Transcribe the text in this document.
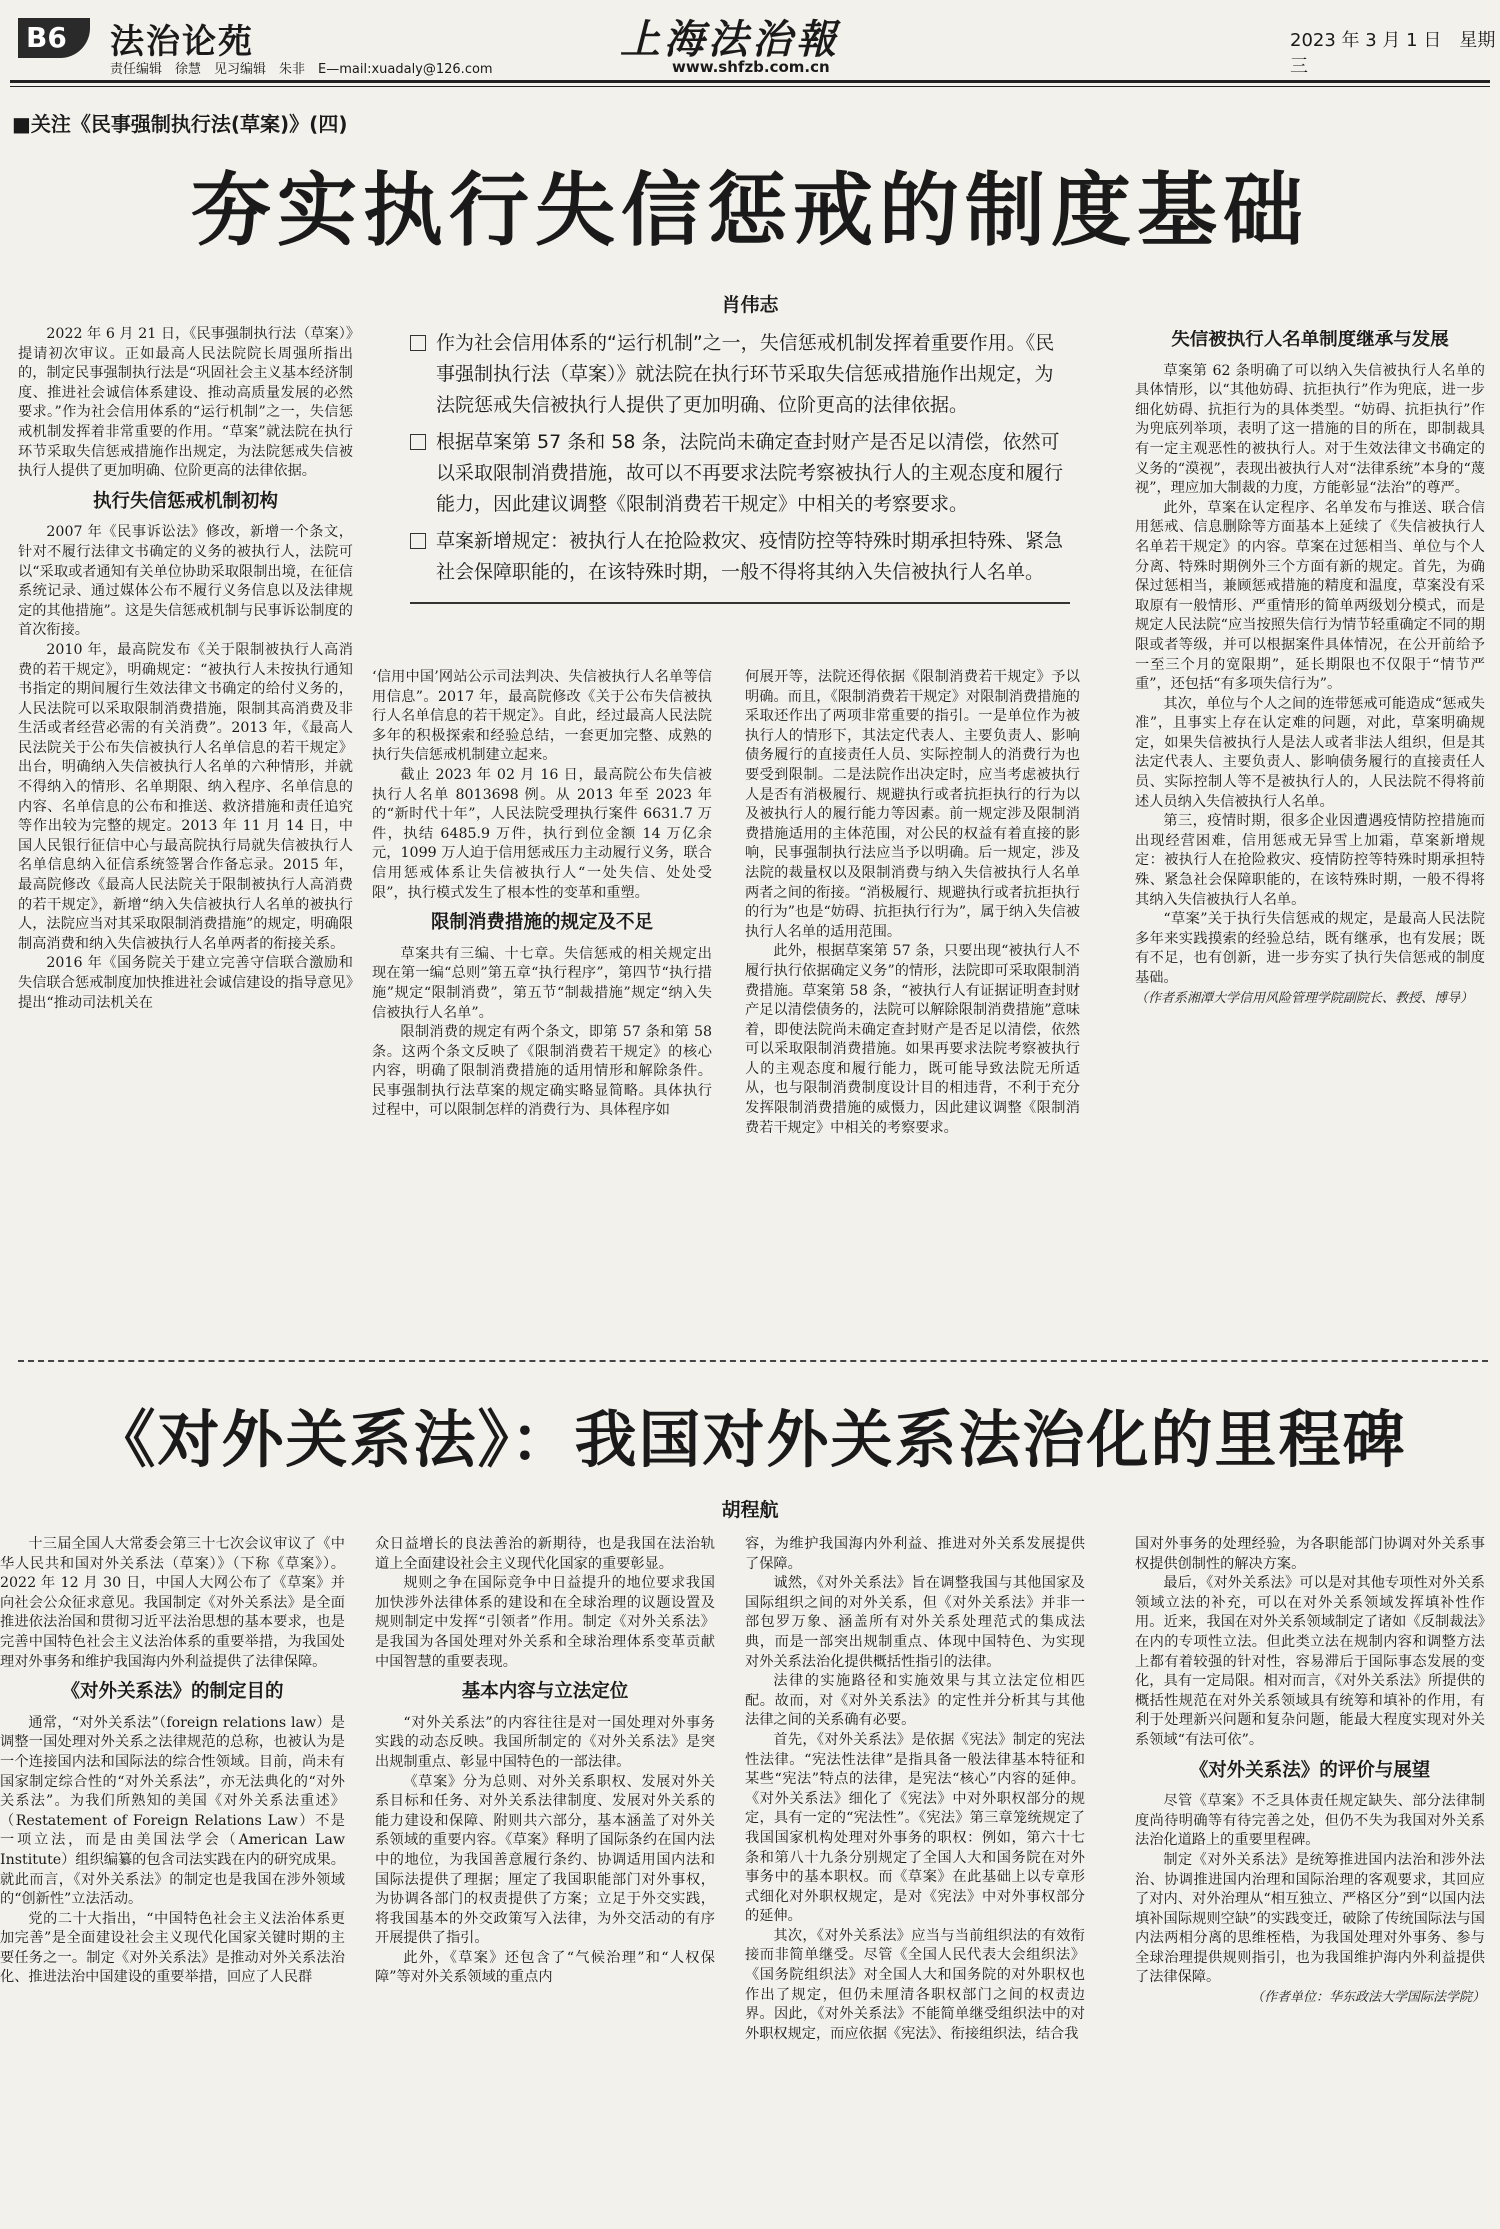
B6	法治论苑
责任编辑　徐慧　见习编辑　朱非　E—mail:xuadaly@126.com
上海法治報
www.shfzb.com.cn
2023 年 3 月 1 日　星期三
■关注《民事强制执行法(草案)》(四)
夯实执行失信惩戒的制度基础
肖伟志
作为社会信用体系的“运行机制”之一，失信惩戒机制发挥着重要作用。《民事强制执行法（草案）》就法院在执行环节采取失信惩戒措施作出规定，为法院惩戒失信被执行人提供了更加明确、位阶更高的法律依据。
根据草案第 57 条和 58 条，法院尚未确定查封财产是否足以清偿，依然可以采取限制消费措施，故可以不再要求法院考察被执行人的主观态度和履行能力，因此建议调整《限制消费若干规定》中相关的考察要求。
草案新增规定：被执行人在抢险救灾、疫情防控等特殊时期承担特殊、紧急社会保障职能的，在该特殊时期，一般不得将其纳入失信被执行人名单。

2022 年 6 月 21 日，《民事强制执行法（草案）》提请初次审议。正如最高人民法院院长周强所指出的，制定民事强制执行法是“巩固社会主义基本经济制度、推进社会诚信体系建设、推动高质量发展的必然要求。”作为社会信用体系的“运行机制”之一，失信惩戒机制发挥着非常重要的作用。“草案”就法院在执行环节采取失信惩戒措施作出规定，为法院惩戒失信被执行人提供了更加明确、位阶更高的法律依据。

执行失信惩戒机制初构

2007 年《民事诉讼法》修改，新增一个条文，针对不履行法律文书确定的义务的被执行人，法院可以“采取或者通知有关单位协助采取限制出境，在征信系统记录、通过媒体公布不履行义务信息以及法律规定的其他措施”。这是失信惩戒机制与民事诉讼制度的首次衔接。

2010 年，最高院发布《关于限制被执行人高消费的若干规定》，明确规定：“被执行人未按执行通知书指定的期间履行生效法律文书确定的给付义务的，人民法院可以采取限制消费措施，限制其高消费及非生活或者经营必需的有关消费”。2013 年，《最高人民法院关于公布失信被执行人名单信息的若干规定》出台，明确纳入失信被执行人名单的六种情形，并就不得纳入的情形、名单期限、纳入程序、名单信息的内容、名单信息的公布和推送、救济措施和责任追究等作出较为完整的规定。2013 年 11 月 14 日，中国人民银行征信中心与最高院执行局就失信被执行人名单信息纳入征信系统签署合作备忘录。2015 年，最高院修改《最高人民法院关于限制被执行人高消费的若干规定》，新增“纳入失信被执行人名单的被执行人，法院应当对其采取限制消费措施”的规定，明确限制高消费和纳入失信被执行人名单两者的衔接关系。

2016 年《国务院关于建立完善守信联合激励和失信联合惩戒制度加快推进社会诚信建设的指导意见》提出“推动司法机关在

‘信用中国’网站公示司法判决、失信被执行人名单等信用信息”。2017 年，最高院修改《关于公布失信被执行人名单信息的若干规定》。自此，经过最高人民法院多年的积极探索和经验总结，一套更加完整、成熟的执行失信惩戒机制建立起来。

截止 2023 年 02 月 16 日，最高院公布失信被执行人名单 8013698 例。从 2013 年至 2023 年的“新时代十年”，人民法院受理执行案件 6631.7 万件，执结 6485.9 万件，执行到位金额 14 万亿余元，1099 万人迫于信用惩戒压力主动履行义务，联合信用惩戒体系让失信被执行人“一处失信、处处受限”，执行模式发生了根本性的变革和重塑。

限制消费措施的规定及不足

草案共有三编、十七章。失信惩戒的相关规定出现在第一编“总则”第五章“执行程序”，第四节“执行措施”规定“限制消费”，第五节“制裁措施”规定“纳入失信被执行人名单”。

限制消费的规定有两个条文，即第 57 条和第 58 条。这两个条文反映了《限制消费若干规定》的核心内容，明确了限制消费措施的适用情形和解除条件。民事强制执行法草案的规定确实略显简略。具体执行过程中，可以限制怎样的消费行为、具体程序如

何展开等，法院还得依据《限制消费若干规定》予以明确。而且，《限制消费若干规定》对限制消费措施的采取还作出了两项非常重要的指引。一是单位作为被执行人的情形下，其法定代表人、主要负责人、影响债务履行的直接责任人员、实际控制人的消费行为也要受到限制。二是法院作出决定时，应当考虑被执行人是否有消极履行、规避执行或者抗拒执行的行为以及被执行人的履行能力等因素。前一规定涉及限制消费措施适用的主体范围，对公民的权益有着直接的影响，民事强制执行法应当予以明确。后一规定，涉及法院的裁量权以及限制消费与纳入失信被执行人名单两者之间的衔接。“消极履行、规避执行或者抗拒执行的行为”也是“妨碍、抗拒执行行为”，属于纳入失信被执行人名单的适用范围。

此外，根据草案第 57 条，只要出现“被执行人不履行执行依据确定义务”的情形，法院即可采取限制消费措施。草案第 58 条，“被执行人有证据证明查封财产足以清偿债务的，法院可以解除限制消费措施”意味着，即使法院尚未确定查封财产是否足以清偿，依然可以采取限制消费措施。如果再要求法院考察被执行人的主观态度和履行能力，既可能导致法院无所适从，也与限制消费制度设计目的相违背，不利于充分发挥限制消费措施的威慑力，因此建议调整《限制消费若干规定》中相关的考察要求。

失信被执行人名单制度继承与发展

草案第 62 条明确了可以纳入失信被执行人名单的具体情形，以“其他妨碍、抗拒执行”作为兜底，进一步细化妨碍、抗拒行为的具体类型。“妨碍、抗拒执行”作为兜底列举项，表明了这一措施的目的所在，即制裁具有一定主观恶性的被执行人。对于生效法律文书确定的义务的“漠视”，表现出被执行人对“法律系统”本身的“蔑视”，理应加大制裁的力度，方能彰显“法治”的尊严。

此外，草案在认定程序、名单发布与推送、联合信用惩戒、信息删除等方面基本上延续了《失信被执行人名单若干规定》的内容。草案在过惩相当、单位与个人分离、特殊时期例外三个方面有新的规定。首先，为确保过惩相当，兼顾惩戒措施的精度和温度，草案没有采取原有一般情形、严重情形的简单两级划分模式，而是规定人民法院“应当按照失信行为情节轻重确定不同的期限或者等级，并可以根据案件具体情况，在公开前给予一至三个月的宽限期”，延长期限也不仅限于“情节严重”，还包括“有多项失信行为”。

其次，单位与个人之间的连带惩戒可能造成“惩戒失准”，且事实上存在认定难的问题，对此，草案明确规定，如果失信被执行人是法人或者非法人组织，但是其法定代表人、主要负责人、影响债务履行的直接责任人员、实际控制人等不是被执行人的，人民法院不得将前述人员纳入失信被执行人名单。

第三，疫情时期，很多企业因遭遇疫情防控措施而出现经营困难，信用惩戒无异雪上加霜，草案新增规定：被执行人在抢险救灾、疫情防控等特殊时期承担特殊、紧急社会保障职能的，在该特殊时期，一般不得将其纳入失信被执行人名单。

“草案”关于执行失信惩戒的规定，是最高人民法院多年来实践摸索的经验总结，既有继承，也有发展；既有不足，也有创新，进一步夯实了执行失信惩戒的制度基础。

（作者系湘潭大学信用风险管理学院副院长、教授、博导）
《对外关系法》：我国对外关系法治化的里程碑
胡程航

十三届全国人大常委会第三十七次会议审议了《中华人民共和国对外关系法（草案）》（下称《草案》）。2022 年 12 月 30 日，中国人大网公布了《草案》并向社会公众征求意见。我国制定《对外关系法》是全面推进依法治国和贯彻习近平法治思想的基本要求，也是完善中国特色社会主义法治体系的重要举措，为我国处理对外事务和维护我国海内外利益提供了法律保障。

《对外关系法》的制定目的

通常，“对外关系法”（foreign relations law）是调整一国处理对外关系之法律规范的总称，也被认为是一个连接国内法和国际法的综合性领域。目前，尚未有国家制定综合性的“对外关系法”，亦无法典化的“对外关系法”。为我们所熟知的美国《对外关系法重述》（Restatement of Foreign Relations Law）不是一项立法，而是由美国法学会（American Law Institute）组织编纂的包含司法实践在内的研究成果。就此而言，《对外关系法》的制定也是我国在涉外领域的“创新性”立法活动。

党的二十大指出，“中国特色社会主义法治体系更加完善”是全面建设社会主义现代化国家关键时期的主要任务之一。制定《对外关系法》是推动对外关系法治化、推进法治中国建设的重要举措，回应了人民群

众日益增长的良法善治的新期待，也是我国在法治轨道上全面建设社会主义现代化国家的重要彰显。

规则之争在国际竞争中日益提升的地位要求我国加快涉外法律体系的建设和在全球治理的议题设置及规则制定中发挥“引领者”作用。制定《对外关系法》是我国为各国处理对外关系和全球治理体系变革贡献中国智慧的重要表现。

基本内容与立法定位

“对外关系法”的内容往往是对一国处理对外事务实践的动态反映。我国所制定的《对外关系法》是突出规制重点、彰显中国特色的一部法律。

《草案》分为总则、对外关系职权、发展对外关系目标和任务、对外关系法律制度、发展对外关系的能力建设和保障、附则共六部分，基本涵盖了对外关系领域的重要内容。《草案》释明了国际条约在国内法中的地位，为我国善意履行条约、协调适用国内法和国际法提供了理据；厘定了我国职能部门对外事权，为协调各部门的权责提供了方案；立足于外交实践，将我国基本的外交政策写入法律，为外交活动的有序开展提供了指引。

此外，《草案》还包含了“气候治理”和“人权保障”等对外关系领域的重点内

容，为维护我国海内外利益、推进对外关系发展提供了保障。

诚然，《对外关系法》旨在调整我国与其他国家及国际组织之间的对外关系，但《对外关系法》并非一部包罗万象、涵盖所有对外关系处理范式的集成法典，而是一部突出规制重点、体现中国特色、为实现对外关系法治化提供概括性指引的法律。

法律的实施路径和实施效果与其立法定位相匹配。故而，对《对外关系法》的定性并分析其与其他法律之间的关系确有必要。

首先，《对外关系法》是依据《宪法》制定的宪法性法律。“宪法性法律”是指具备一般法律基本特征和某些“宪法”特点的法律，是宪法“核心”内容的延伸。《对外关系法》细化了《宪法》中对外职权部分的规定，具有一定的“宪法性”。《宪法》第三章笼统规定了我国国家机构处理对外事务的职权：例如，第六十七条和第八十九条分别规定了全国人大和国务院在对外事务中的基本职权。而《草案》在此基础上以专章形式细化对外职权规定，是对《宪法》中对外事权部分的延伸。

其次，《对外关系法》应当与当前组织法的有效衔接而非简单继受。尽管《全国人民代表大会组织法》《国务院组织法》对全国人大和国务院的对外职权也作出了规定，但仍未厘清各职权部门之间的权责边界。因此，《对外关系法》不能简单继受组织法中的对外职权规定，而应依据《宪法》、衔接组织法，结合我

国对外事务的处理经验，为各职能部门协调对外关系事权提供创制性的解决方案。

最后，《对外关系法》可以是对其他专项性对外关系领域立法的补充，可以在对外关系领域发挥填补性作用。近来，我国在对外关系领域制定了诸如《反制裁法》在内的专项性立法。但此类立法在规制内容和调整方法上都有着较强的针对性，容易滞后于国际事态发展的变化，具有一定局限。相对而言，《对外关系法》所提供的概括性规范在对外关系领域具有统筹和填补的作用，有利于处理新兴问题和复杂问题，能最大程度实现对外关系领域“有法可依”。

《对外关系法》的评价与展望

尽管《草案》不乏具体责任规定缺失、部分法律制度尚待明确等有待完善之处，但仍不失为我国对外关系法治化道路上的重要里程碑。

制定《对外关系法》是统筹推进国内法治和涉外法治、协调推进国内治理和国际治理的客观要求，其回应了对内、对外治理从“相互独立、严格区分”到“以国内法填补国际规则空缺”的实践变迁，破除了传统国际法与国内法两相分离的思维桎梏，为我国处理对外事务、参与全球治理提供规则指引，也为我国维护海内外利益提供了法律保障。

（作者单位：华东政法大学国际法学院）
